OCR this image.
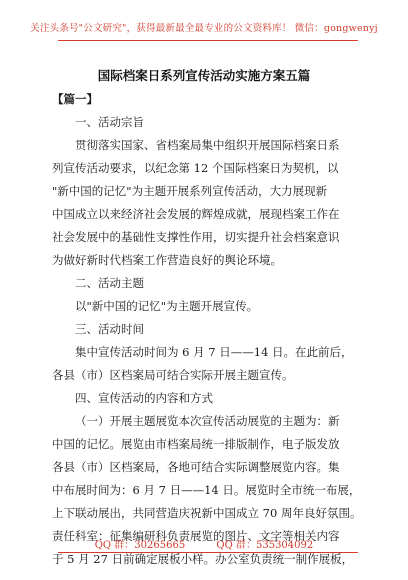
关注头条号"公文研究"，获得最新最全最专业的公文资料库！ 微信：gongwenyj
国际档案日系列宣传活动实施方案五篇
【篇一】
一、活动宗旨
贯彻落实国家、省档案局集中组织开展国际档案日系
列宣传活动要求，以纪念第 12 个国际档案日为契机，以
"新中国的记忆"为主题开展系列宣传活动，大力展现新
中国成立以来经济社会发展的辉煌成就，展现档案工作在
社会发展中的基础性支撑性作用，切实提升社会档案意识
为做好新时代档案工作营造良好的舆论环境。
二、活动主题
以"新中国的记忆"为主题开展宣传。
三、活动时间
集中宣传活动时间为 6 月 7 日——14 日。在此前后，
各县（市）区档案局可结合实际开展主题宣传。
四、宣传活动的内容和方式
（一）开展主题展览本次宣传活动展览的主题为：新
中国的记忆。展览由市档案局统一排版制作，电子版发放
各县（市）区档案局，各地可结合实际调整展览内容。集
中布展时间为：6 月 7 日——14 日。展览时全市统一布展，
上下联动展出，共同营造庆祝新中国成立 70 周年良好氛围。
责任科室：征集编研科负责展览的图片、文字等相关内容
于 5 月 27 日前确定展板小样。办公室负责统一制作展板，
QQ 群：30265665	QQ 群：535304092
